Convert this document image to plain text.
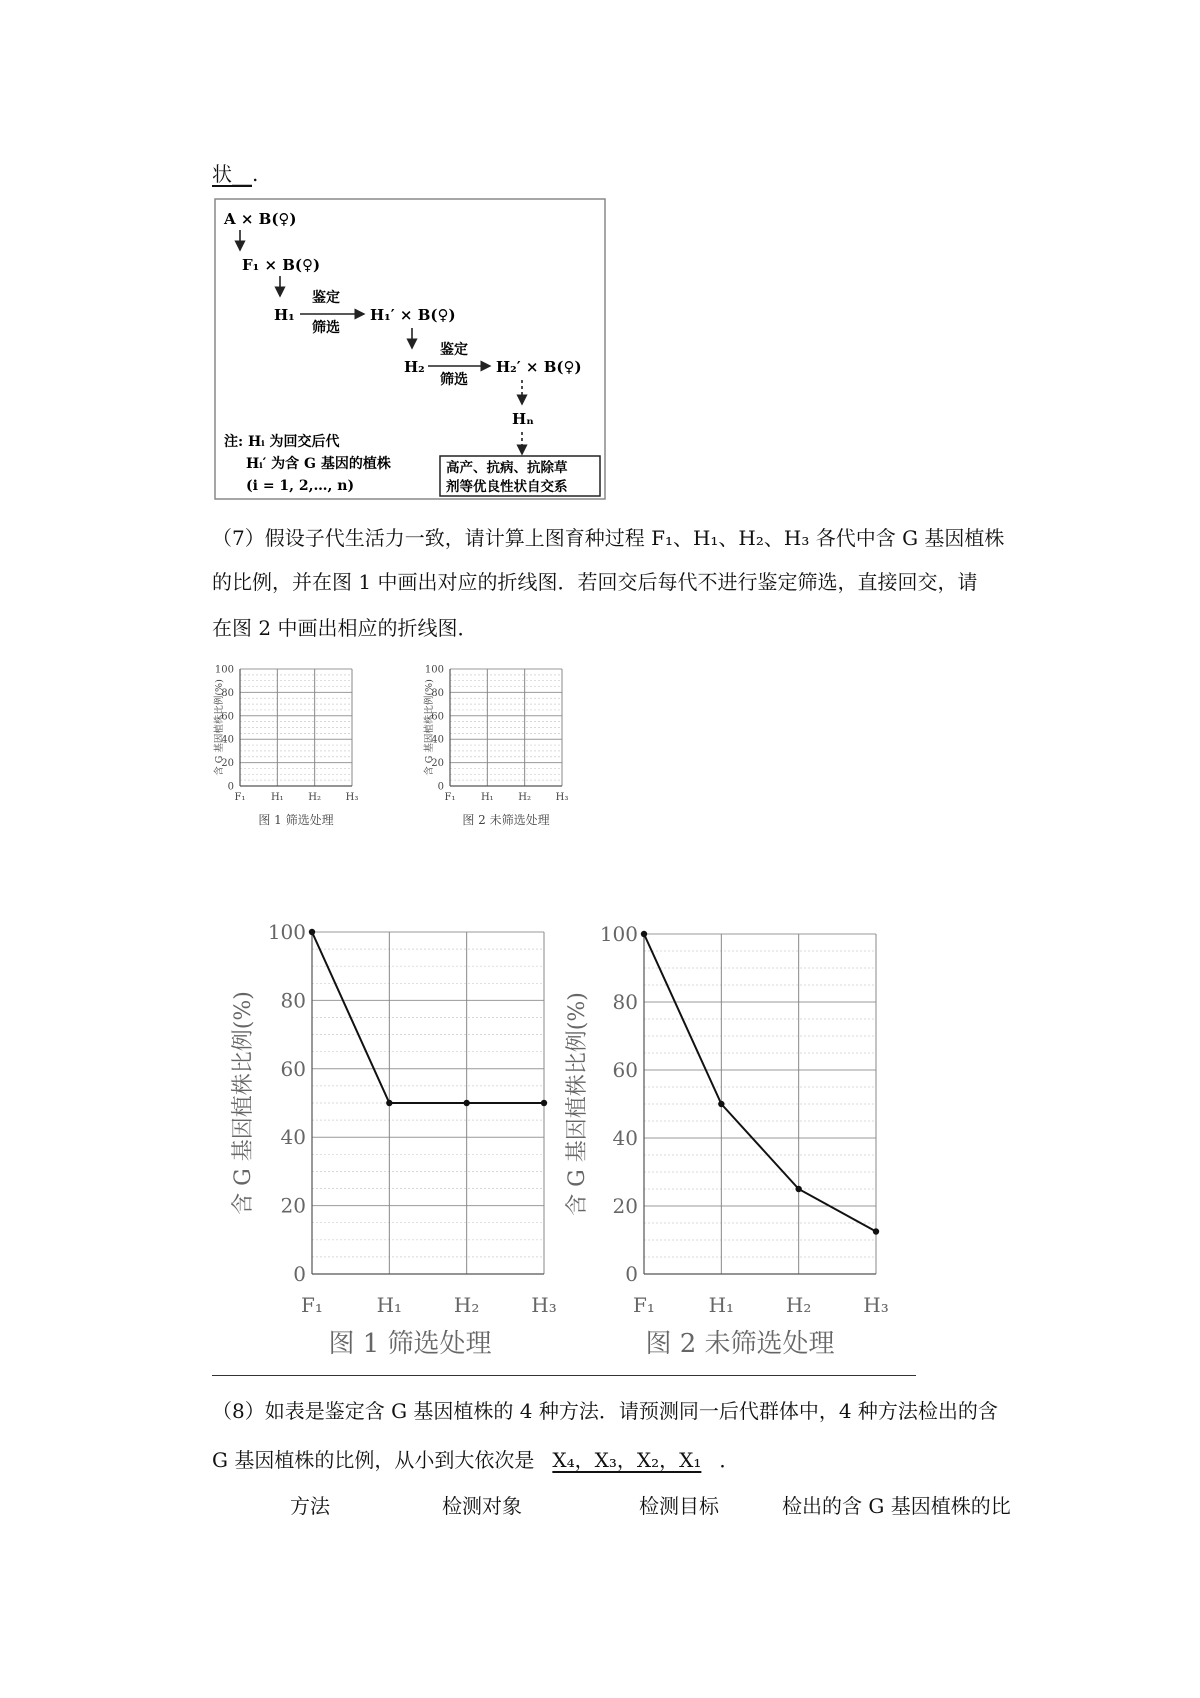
状__.
A × B(♀)
F₁ × B(♀)
H₁
鉴定
筛选
H₁′ × B(♀)
H₂
鉴定
筛选
H₂′ × B(♀)
Hₙ
注: Hᵢ 为回交后代
Hᵢ′ 为含 G 基因的植株
(i = 1, 2,…, n)
高产、抗病、抗除草
剂等优良性状自交系
（7）假设子代生活力一致，请计算上图育种过程 F₁、H₁、H₂、H₃ 各代中含 G 基因植株
的比例，并在图 1 中画出对应的折线图．若回交后每代不进行鉴定筛选，直接回交，请
在图 2 中画出相应的折线图．
F₁	H₁ H₂ H₃
0
20
40
60
80
100
含 G 基因植株比例(%)
图 1 筛选处理
F₁	H₁ H₂ H₃
0
20
40
60
80
100
含 G 基因植株比例(%)
图 2 未筛选处理
F₁	H₁	H₂	H₃
0
20
40
60
80
100
含 G 基因植株比例(%)
图 1 筛选处理
F₁	H₁	H₂	H₃
0
20
40
60
80
100
含 G 基因植株比例(%)
图 2 未筛选处理
（8）如表是鉴定含 G 基因植株的 4 种方法．请预测同一后代群体中，4 种方法检出的含
G 基因植株的比例，从小到大依次是 X₄，X₃，X₂，X₁ ．
方法	检测对象	检测目标	检出的含 G 基因植株的比
